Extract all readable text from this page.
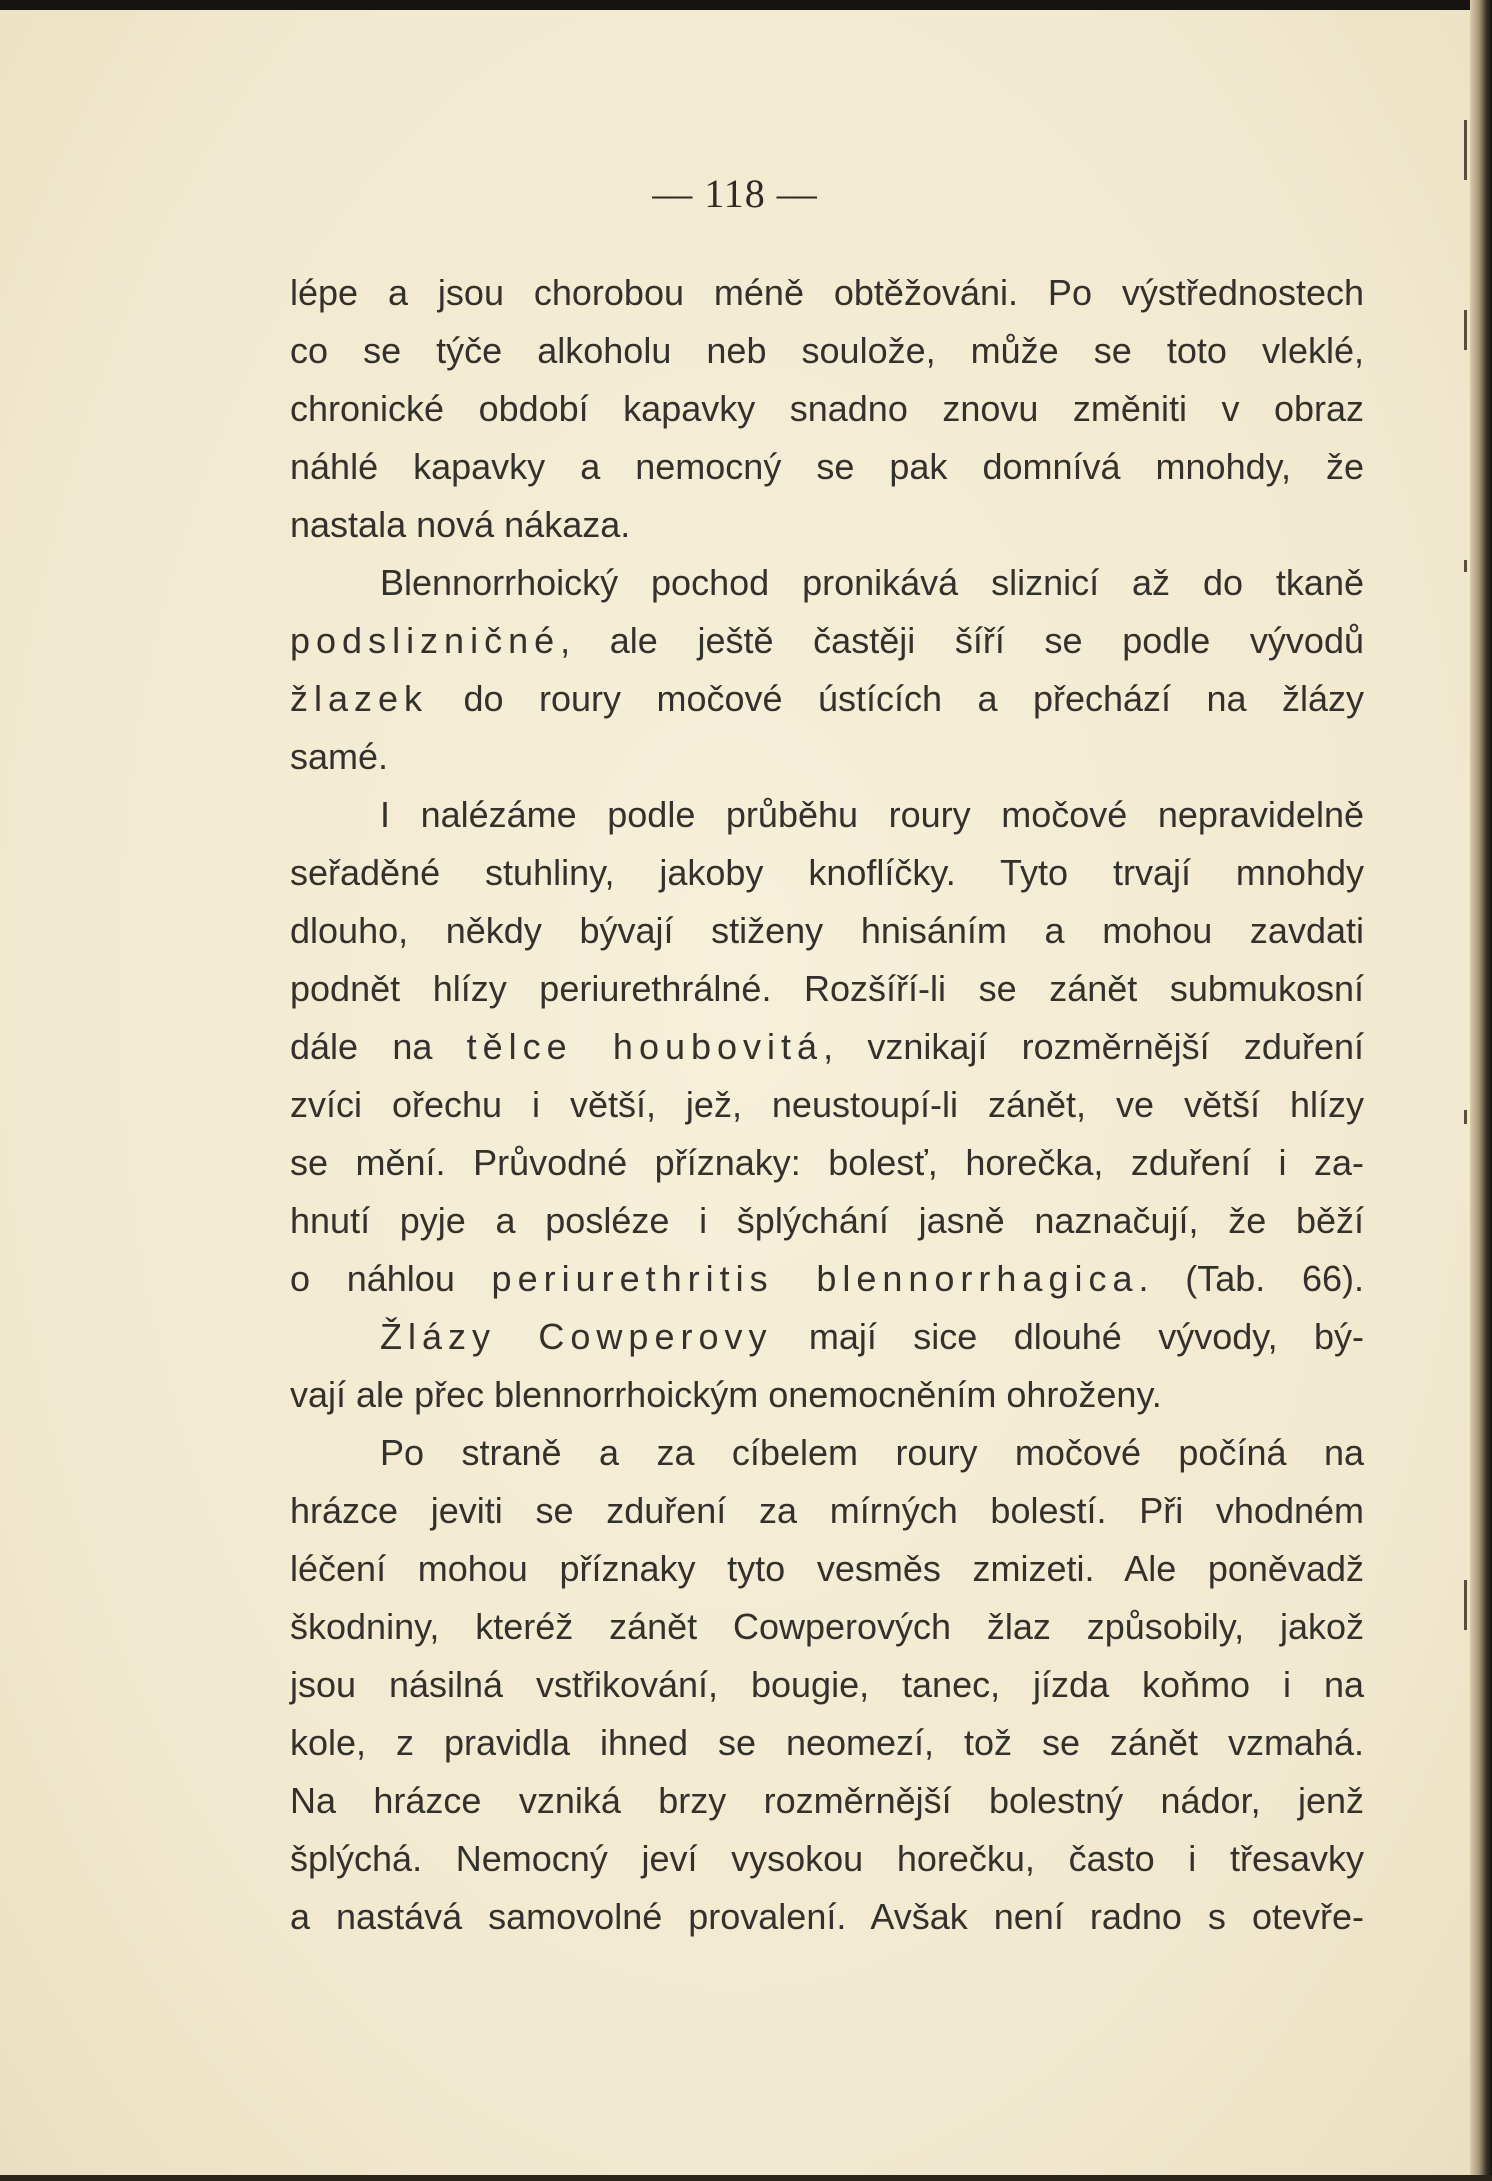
— 118 —
lépe a jsou chorobou méně obtěžováni. Po výstřednostech
co se týče alkoholu neb soulože, může se toto vleklé,
chronické období kapavky snadno znovu změniti v obraz
náhlé kapavky a nemocný se pak domnívá mnohdy, že
nastala nová nákaza.
Blennorrhoický pochod pronikává sliznicí až do tkaně
podslizničné, ale ještě častěji šíří se podle vývodů
žlazek do roury močové ústících a přechází na žlázy
samé.
I nalézáme podle průběhu roury močové nepravidelně
seřaděné stuhliny, jakoby knoflíčky. Tyto trvají mnohdy
dlouho, někdy bývají stiženy hnisáním a mohou zavdati
podnět hlízy periurethrálné. Rozšíří-li se zánět submukosní
dále na tělce houbovitá, vznikají rozměrnější zduření
zvíci ořechu i větší, jež, neustoupí-li zánět, ve větší hlízy
se mění. Průvodné příznaky: bolesť, horečka, zduření i za-
hnutí pyje a posléze i šplýchání jasně naznačují, že běží
o náhlou periurethritis blennorrhagica. (Tab. 66).
Žlázy Cowperovy mají sice dlouhé vývody, bý-
vají ale přec blennorrhoickým onemocněním ohroženy.
Po straně a za cíbelem roury močové počíná na
hrázce jeviti se zduření za mírných bolestí. Při vhodném
léčení mohou příznaky tyto vesměs zmizeti. Ale poněvadž
škodniny, kteréž zánět Cowperových žlaz způsobily, jakož
jsou násilná vstřikování, bougie, tanec, jízda koňmo i na
kole, z pravidla ihned se neomezí, tož se zánět vzmahá.
Na hrázce vzniká brzy rozměrnější bolestný nádor, jenž
šplýchá. Nemocný jeví vysokou horečku, často i třesavky
a nastává samovolné provalení. Avšak není radno s otevře-
